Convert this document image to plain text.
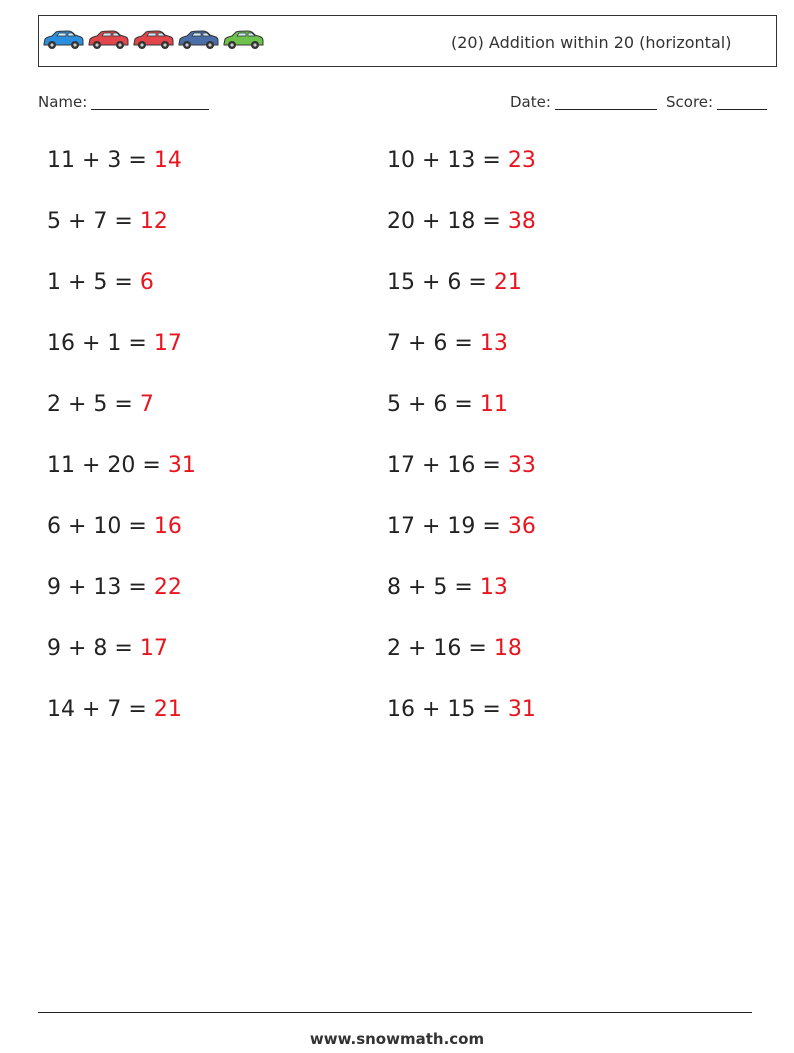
(20) Addition within 20 (horizontal)
Name:	Date:	Score:
11 + 3 = 14
5 + 7 = 12
1 + 5 = 6
16 + 1 = 17
2 + 5 = 7
11 + 20 = 31
6 + 10 = 16
9 + 13 = 22
9 + 8 = 17
14 + 7 = 21
10 + 13 = 23
20 + 18 = 38
15 + 6 = 21
7 + 6 = 13
5 + 6 = 11
17 + 16 = 33
17 + 19 = 36
8 + 5 = 13
2 + 16 = 18
16 + 15 = 31
www.snowmath.com
